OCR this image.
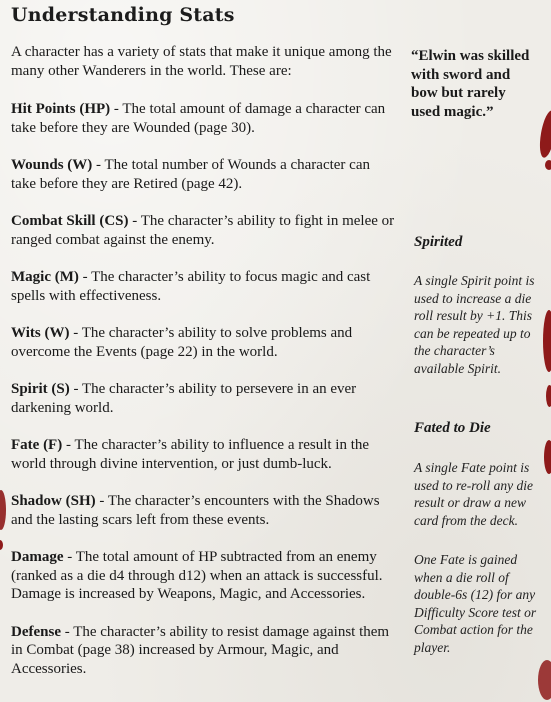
Understanding Stats

A character has a variety of stats that make it unique among the many other Wanderers in the world. These are:

Hit Points (HP) - The total amount of damage a character can take before they are Wounded (page 30).

Wounds (W) - The total number of Wounds a character can take before they are Retired (page 42).

Combat Skill (CS) - The character’s ability to fight in melee or ranged combat against the enemy.

Magic (M) - The character’s ability to focus magic and cast spells with effectiveness.

Wits (W) - The character’s ability to solve problems and overcome the Events (page 22) in the world.

Spirit (S) - The character’s ability to persevere in an ever darkening world.

Fate (F) - The character’s ability to influence a result in the world through divine intervention, or just dumb-luck.

Shadow (SH) - The character’s encounters with the Shadows and the lasting scars left from these events.

Damage - The total amount of HP subtracted from an enemy (ranked as a die d4 through d12) when an attack is successful. Damage is increased by Weapons, Magic, and Accessories.

Defense - The character’s ability to resist damage against them in Combat (page 38) increased by Armour, Magic, and Accessories.

“Elwin was skilled with sword and bow but rarely used magic.”
Spirited
A single Spirit point is used to increase a die roll result by +1. This can be repeated up to the character’s available Spirit.
Fated to Die
A single Fate point is used to re-roll any die result or draw a new card from the deck.
One Fate is gained when a die roll of double-6s (12) for any Difficulty Score test or Combat action for the player.
